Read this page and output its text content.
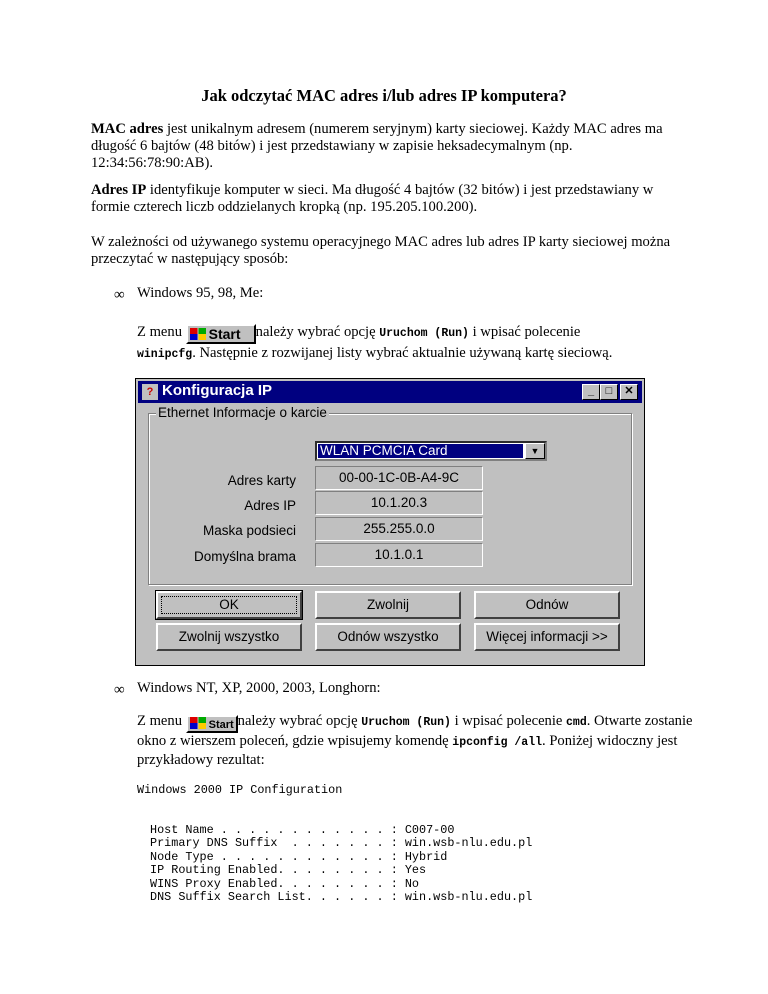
Jak odczytać MAC adres i/lub adres IP komputera?
MAC adres jest unikalnym adresem (numerem seryjnym) karty sieciowej. Każdy MAC adres ma długość 6 bajtów (48 bitów) i jest przedstawiany w zapisie heksadecymalnym (np. 12:34:56:78:90:AB).
Adres IP identyfikuje komputer w sieci. Ma długość 4 bajtów (32 bitów) i jest przedstawiany w formie czterech liczb oddzielanych kropką (np. 195.205.100.200).
W zależności od używanego systemu operacyjnego MAC adres lub adres IP karty sieciowej można przeczytać w następujący sposób:
∞ Windows 95, 98, Me:
Z menu Start należy wybrać opcję Uruchom (Run) i wpisać polecenie
winipcfg. Następnie z rozwijanej listy wybrać aktualnie używaną kartę sieciową.
? Konfiguracja IP	_	□	✕
Ethernet Informacje o karcie
WLAN PCMCIA Card	▼
Adres karty	00-00-1C-0B-A4-9C
Adres IP	10.1.20.3
Maska podsieci	255.255.0.0
Domyślna brama	10.1.0.1
OK	Zwolnij	Odnów
Zwolnij wszystko	Odnów wszystko	Więcej informacji >>
∞ Windows NT, XP, 2000, 2003, Longhorn:
Z menu Start należy wybrać opcję Uruchom (Run) i wpisać polecenie cmd. Otwarte zostanie okno z wierszem poleceń, gdzie wpisujemy komendę ipconfig /all. Poniżej widoczny jest przykładowy rezultat:
Windows 2000 IP Configuration
Host Name . . . . . . . . . . . . : C007-00
Primary DNS Suffix  . . . . . . . : win.wsb-nlu.edu.pl
Node Type . . . . . . . . . . . . : Hybrid
IP Routing Enabled. . . . . . . . : Yes
WINS Proxy Enabled. . . . . . . . : No
DNS Suffix Search List. . . . . . : win.wsb-nlu.edu.pl
